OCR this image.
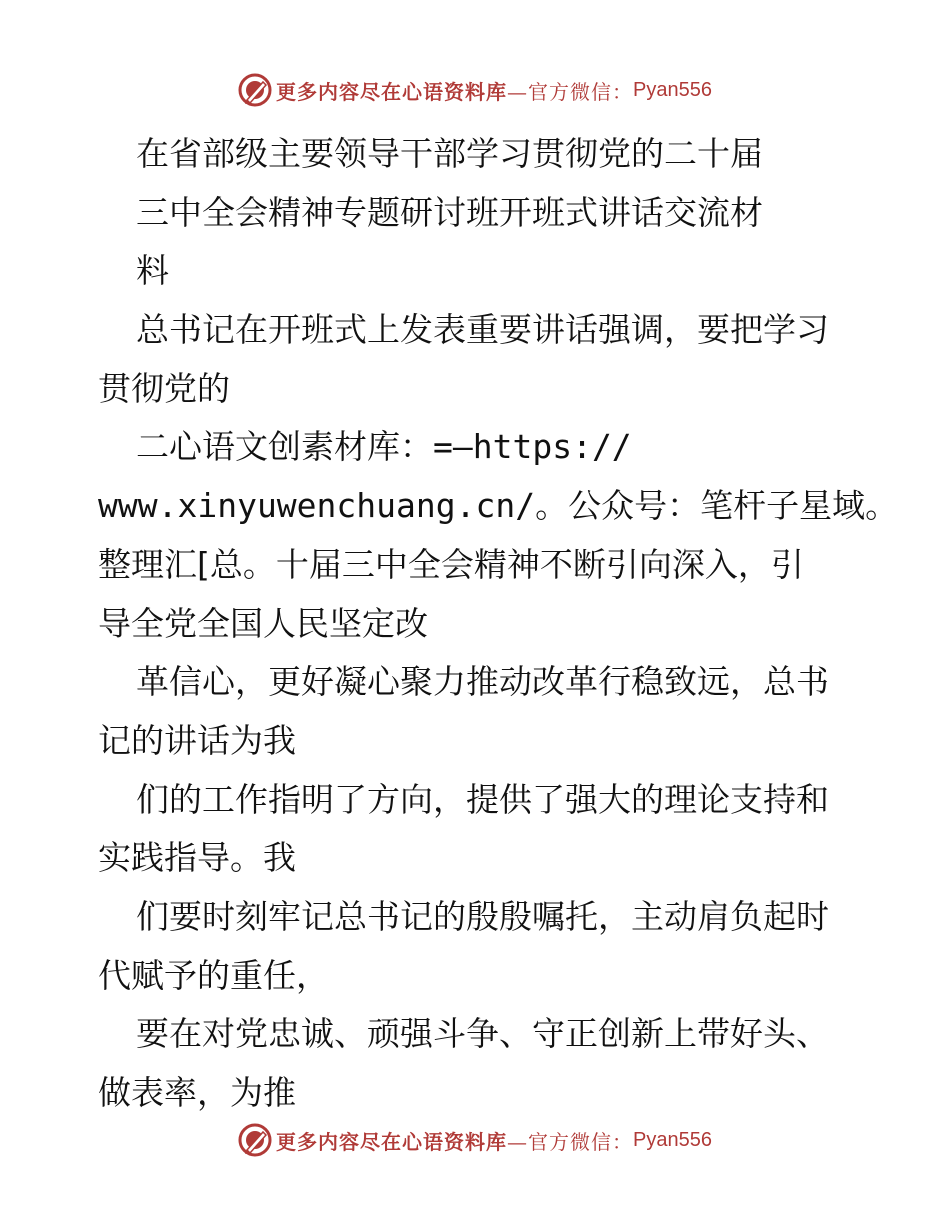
更多内容尽在心语资料库 —官方微信： Pyan556
在省部级主要领导干部学习贯彻党的二十届
三中全会精神专题研讨班开班式讲话交流材
料
总书记在开班式上发表重要讲话强调，要把学习
贯彻党的
二心语文创素材库：=—https://
www.xinyuwenchuang.cn/。公众号：笔杆子星域。
整理汇[总。十届三中全会精神不断引向深入，引
导全党全国人民坚定改
革信心，更好凝心聚力推动改革行稳致远，总书
记的讲话为我
们的工作指明了方向，提供了强大的理论支持和
实践指导。我
们要时刻牢记总书记的殷殷嘱托，主动肩负起时
代赋予的重任，
要在对党忠诚、顽强斗争、守正创新上带好头、
做表率，为推
更多内容尽在心语资料库 —官方微信： Pyan556
